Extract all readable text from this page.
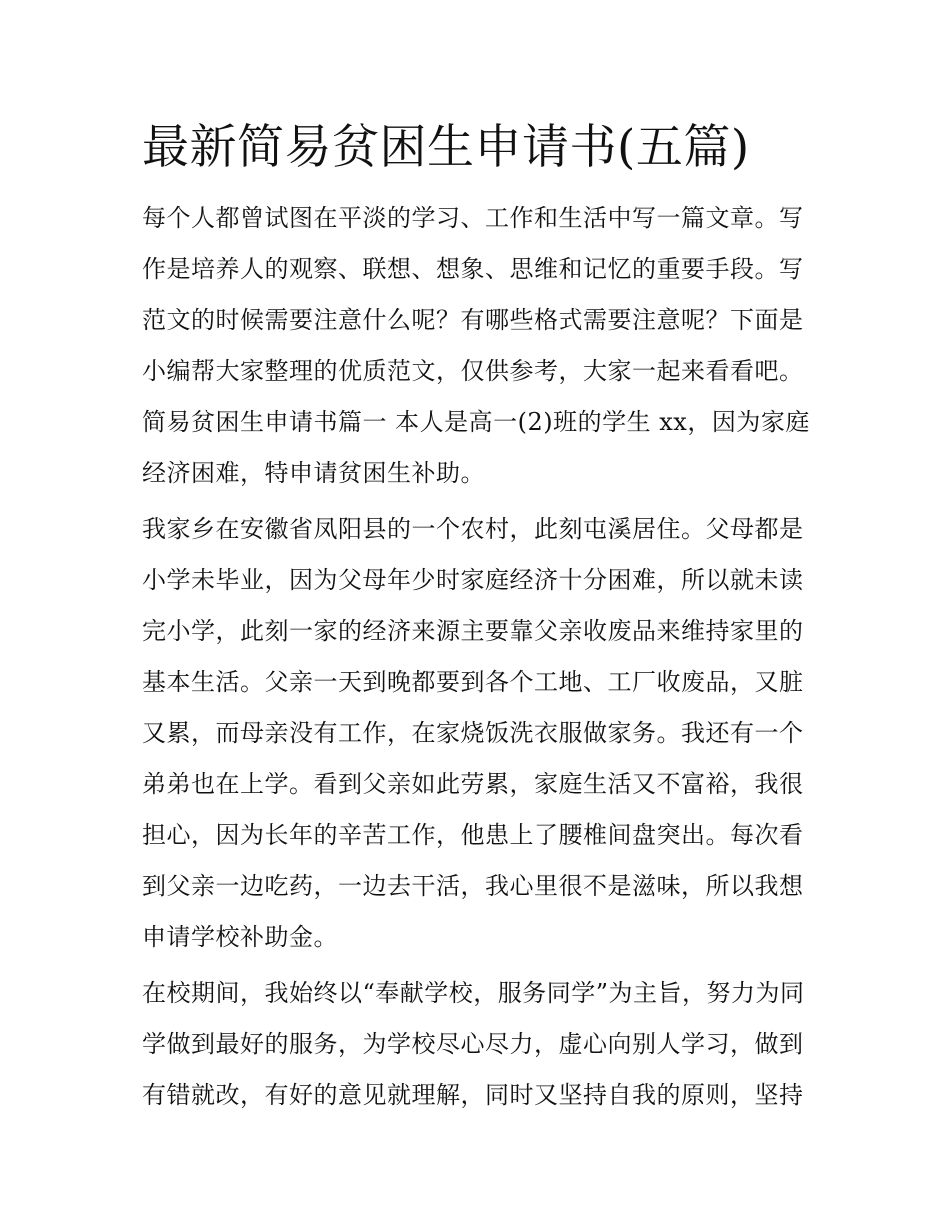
最新简易贫困生申请书(五篇)

每个人都曾试图在平淡的学习、工作和生活中写一篇文章。写
作是培养人的观察、联想、想象、思维和记忆的重要手段。写
范文的时候需要注意什么呢？有哪些格式需要注意呢？下面是
小编帮大家整理的优质范文，仅供参考，大家一起来看看吧。
简易贫困生申请书篇一 本人是高一(2)班的学生 xx，因为家庭
经济困难，特申请贫困生补助。

我家乡在安徽省凤阳县的一个农村，此刻屯溪居住。父母都是
小学未毕业，因为父母年少时家庭经济十分困难，所以就未读
完小学，此刻一家的经济来源主要靠父亲收废品来维持家里的
基本生活。父亲一天到晚都要到各个工地、工厂收废品，又脏
又累，而母亲没有工作，在家烧饭洗衣服做家务。我还有一个
弟弟也在上学。看到父亲如此劳累，家庭生活又不富裕，我很
担心，因为长年的辛苦工作，他患上了腰椎间盘突出。每次看
到父亲一边吃药，一边去干活，我心里很不是滋味，所以我想
申请学校补助金。

在校期间，我始终以“奉献学校，服务同学”为主旨，努力为同
学做到最好的服务，为学校尽心尽力，虚心向别人学习，做到
有错就改，有好的意见就理解，同时又坚持自我的原则，坚持
